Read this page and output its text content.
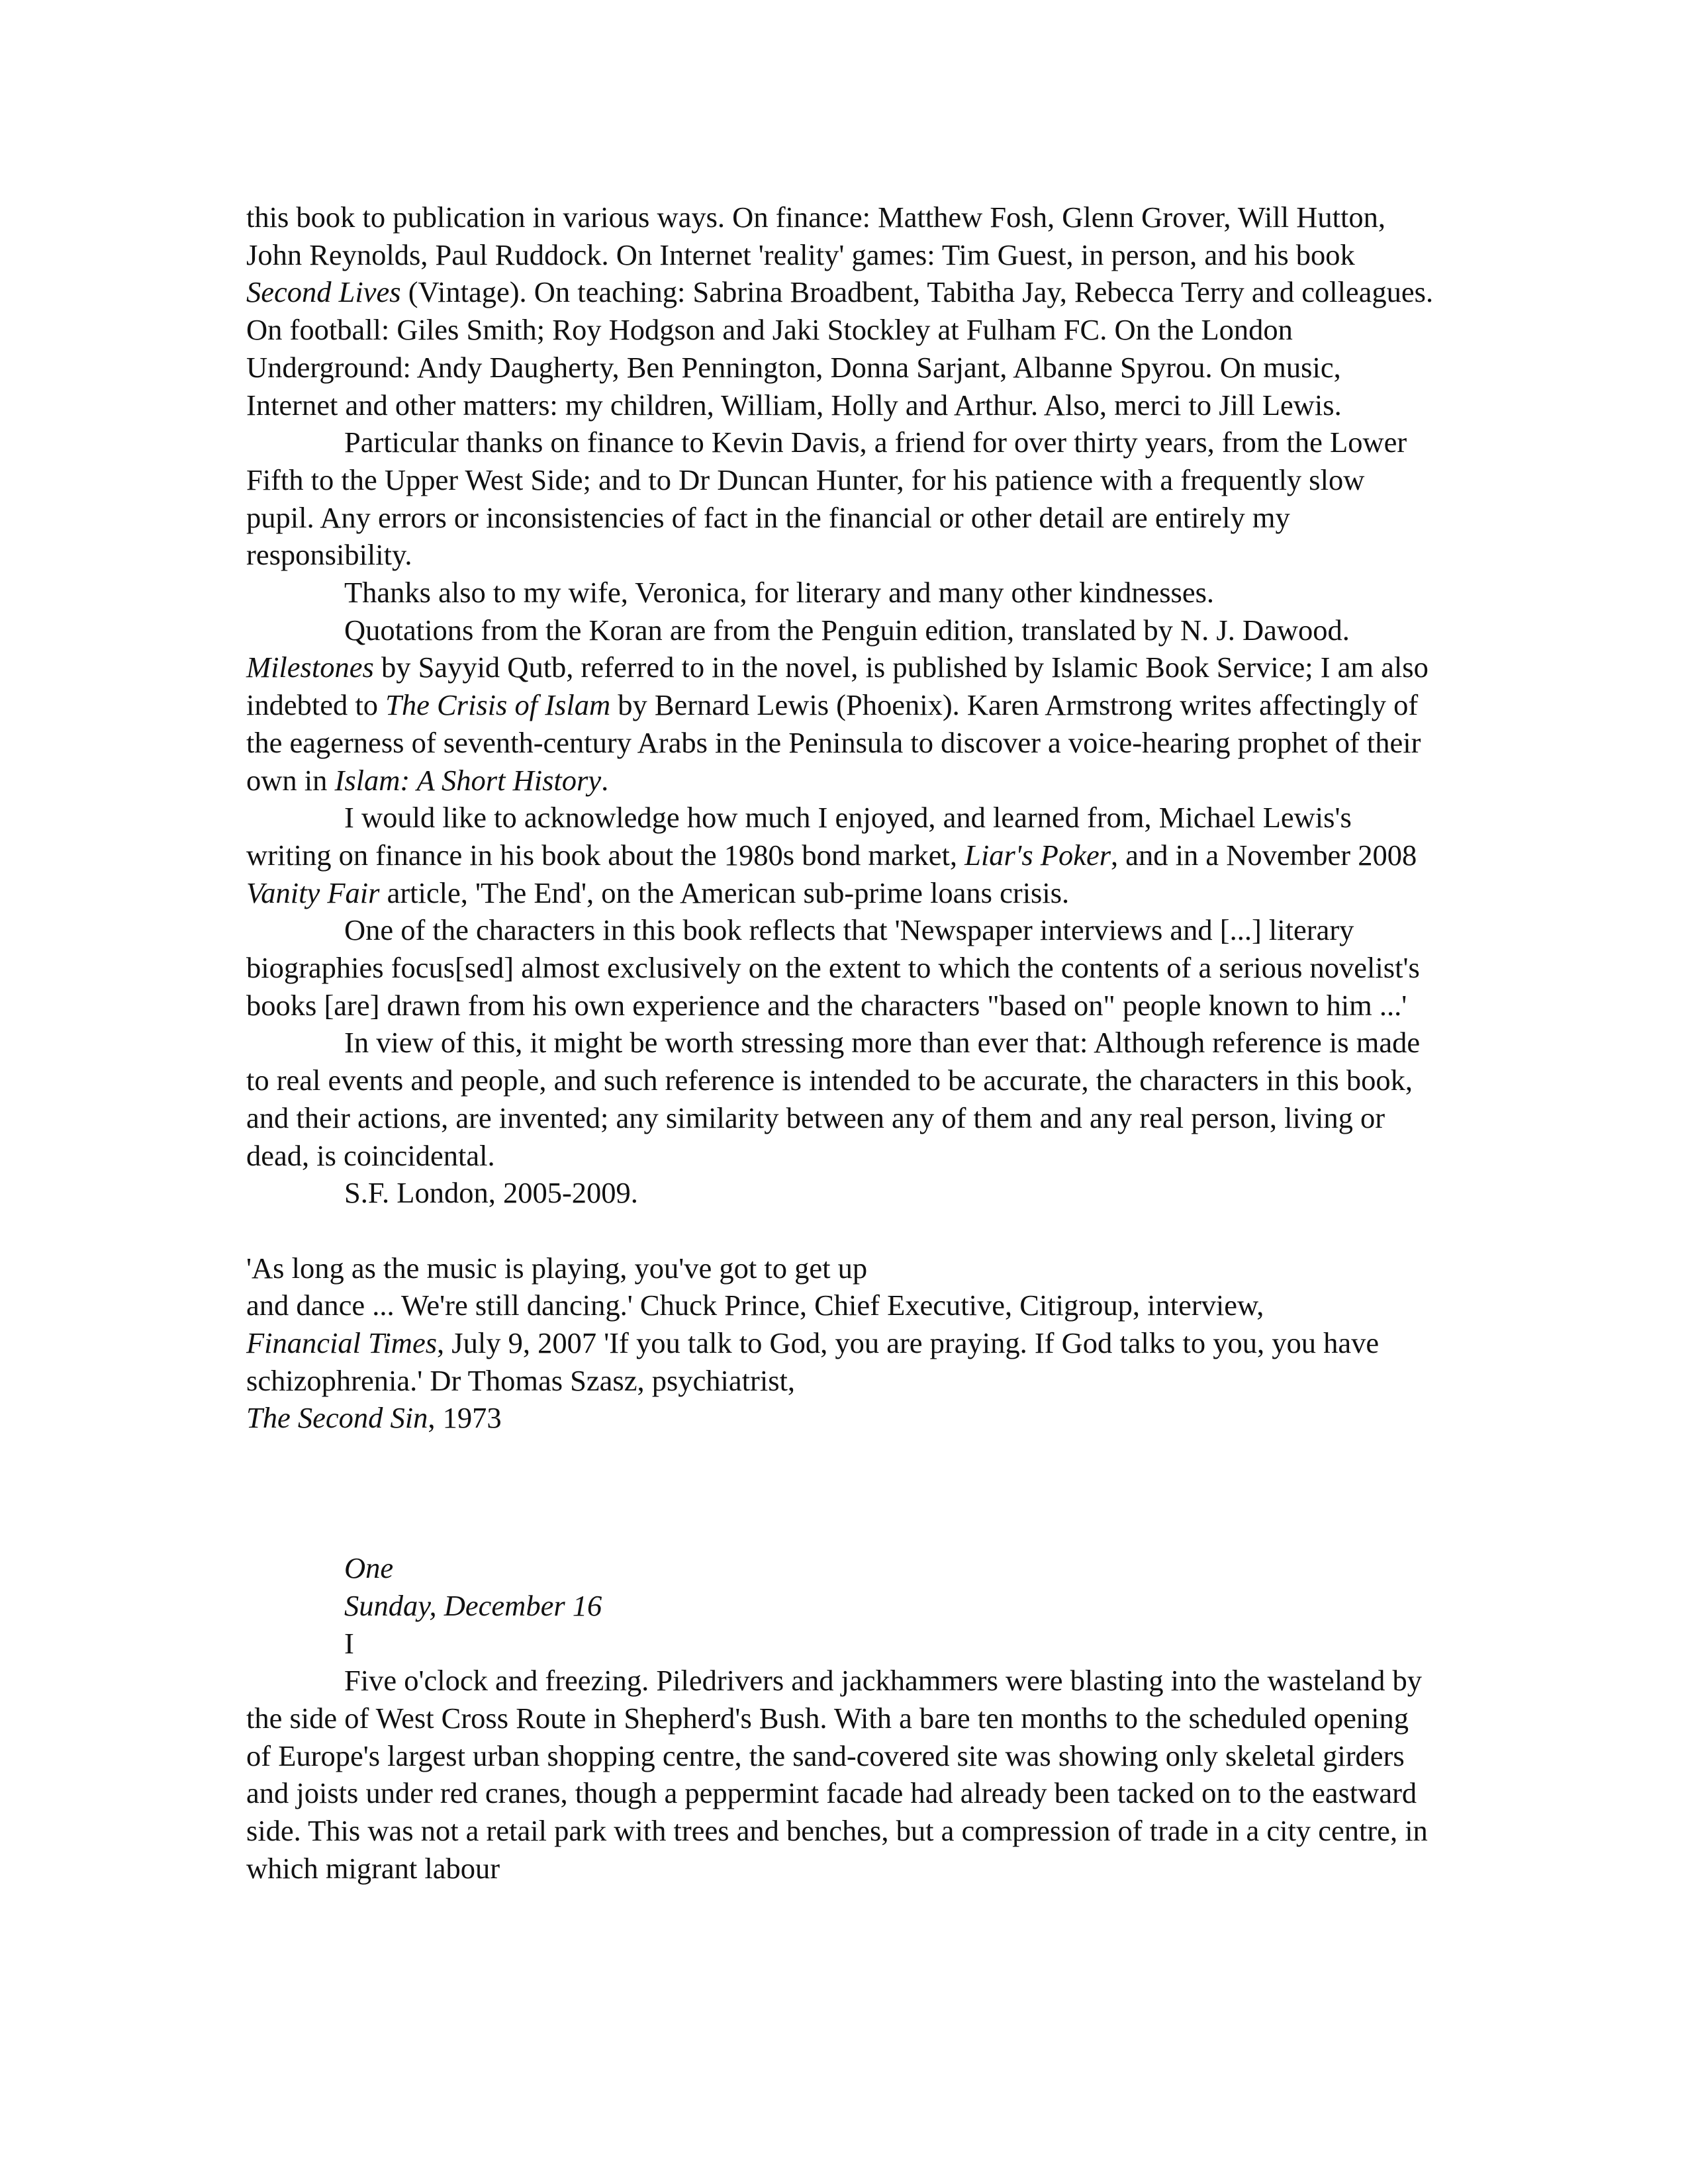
this book to publication in various ways. On finance: Matthew Fosh, Glenn Grover, Will Hutton, John Reynolds, Paul Ruddock. On Internet 'reality' games: Tim Guest, in person, and his book Second Lives (Vintage). On teaching: Sabrina Broadbent, Tabitha Jay, Rebecca Terry and colleagues. On football: Giles Smith; Roy Hodgson and Jaki Stockley at Fulham FC. On the London Underground: Andy Daugherty, Ben Pennington, Donna Sarjant, Albanne Spyrou. On music, Internet and other matters: my children, William, Holly and Arthur. Also, merci to Jill Lewis.

Particular thanks on finance to Kevin Davis, a friend for over thirty years, from the Lower Fifth to the Upper West Side; and to Dr Duncan Hunter, for his patience with a frequently slow pupil. Any errors or inconsistencies of fact in the financial or other detail are entirely my responsibility.

Thanks also to my wife, Veronica, for literary and many other kindnesses.

Quotations from the Koran are from the Penguin edition, translated by N. J. Dawood. Milestones by Sayyid Qutb, referred to in the novel, is published by Islamic Book Service; I am also indebted to The Crisis of Islam by Bernard Lewis (Phoenix). Karen Armstrong writes affectingly of the eagerness of seventh-century Arabs in the Peninsula to discover a voice-hearing prophet of their own in Islam: A Short History.

I would like to acknowledge how much I enjoyed, and learned from, Michael Lewis's writing on finance in his book about the 1980s bond market, Liar's Poker, and in a November 2008 Vanity Fair article, 'The End', on the American sub-prime loans crisis.

One of the characters in this book reflects that 'Newspaper interviews and [...] literary biographies focus[sed] almost exclusively on the extent to which the contents of a serious novelist's books [are] drawn from his own experience and the characters "based on" people known to him ...'

In view of this, it might be worth stressing more than ever that: Although reference is made to real events and people, and such reference is intended to be accurate, the characters in this book, and their actions, are invented; any similarity between any of them and any real person, living or dead, is coincidental.

S.F. London, 2005-2009.

'As long as the music is playing, you've got to get up

and dance ... We're still dancing.' Chuck Prince, Chief Executive, Citigroup, interview,

Financial Times, July 9, 2007 'If you talk to God, you are praying. If God talks to you, you have schizophrenia.' Dr Thomas Szasz, psychiatrist,

The Second Sin, 1973

One

Sunday, December 16

I

Five o'clock and freezing. Piledrivers and jackhammers were blasting into the wasteland by the side of West Cross Route in Shepherd's Bush. With a bare ten months to the scheduled opening of Europe's largest urban shopping centre, the sand-covered site was showing only skeletal girders and joists under red cranes, though a peppermint facade had already been tacked on to the eastward side. This was not a retail park with trees and benches, but a compression of trade in a city centre, in which migrant labour
